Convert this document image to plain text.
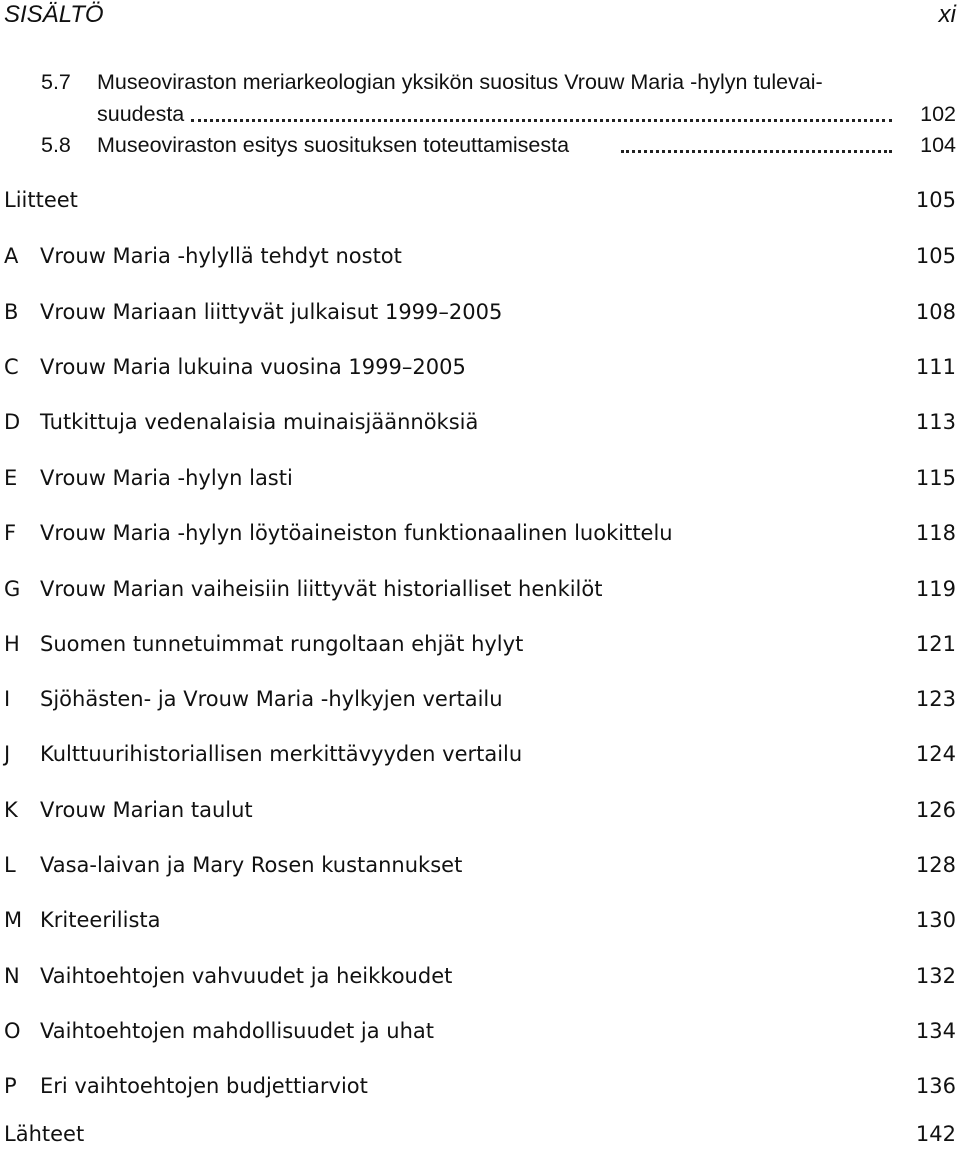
SISÄLTÖ	xi
5.7 Museoviraston meriarkeologian yksikön suositus Vrouw Maria -hylyn tulevai-
suudesta	102
5.8 Museoviraston esitys suosituksen toteuttamisesta	104
Liitteet	105
A Vrouw Maria -hylyllä tehdyt nostot	105
B Vrouw Mariaan liittyvät julkaisut 1999–2005	108
C Vrouw Maria lukuina vuosina 1999–2005	111
D Tutkittuja vedenalaisia muinaisjäännöksiä	113
E Vrouw Maria -hylyn lasti	115
F Vrouw Maria -hylyn löytöaineiston funktionaalinen luokittelu	118
G Vrouw Marian vaiheisiin liittyvät historialliset henkilöt	119
H Suomen tunnetuimmat rungoltaan ehjät hylyt	121
I Sjöhästen- ja Vrouw Maria -hylkyjen vertailu	123
J Kulttuurihistoriallisen merkittävyyden vertailu	124
K Vrouw Marian taulut	126
L Vasa-laivan ja Mary Rosen kustannukset	128
M Kriteerilista	130
N Vaihtoehtojen vahvuudet ja heikkoudet	132
O Vaihtoehtojen mahdollisuudet ja uhat	134
P Eri vaihtoehtojen budjettiarviot	136
Lähteet	142
